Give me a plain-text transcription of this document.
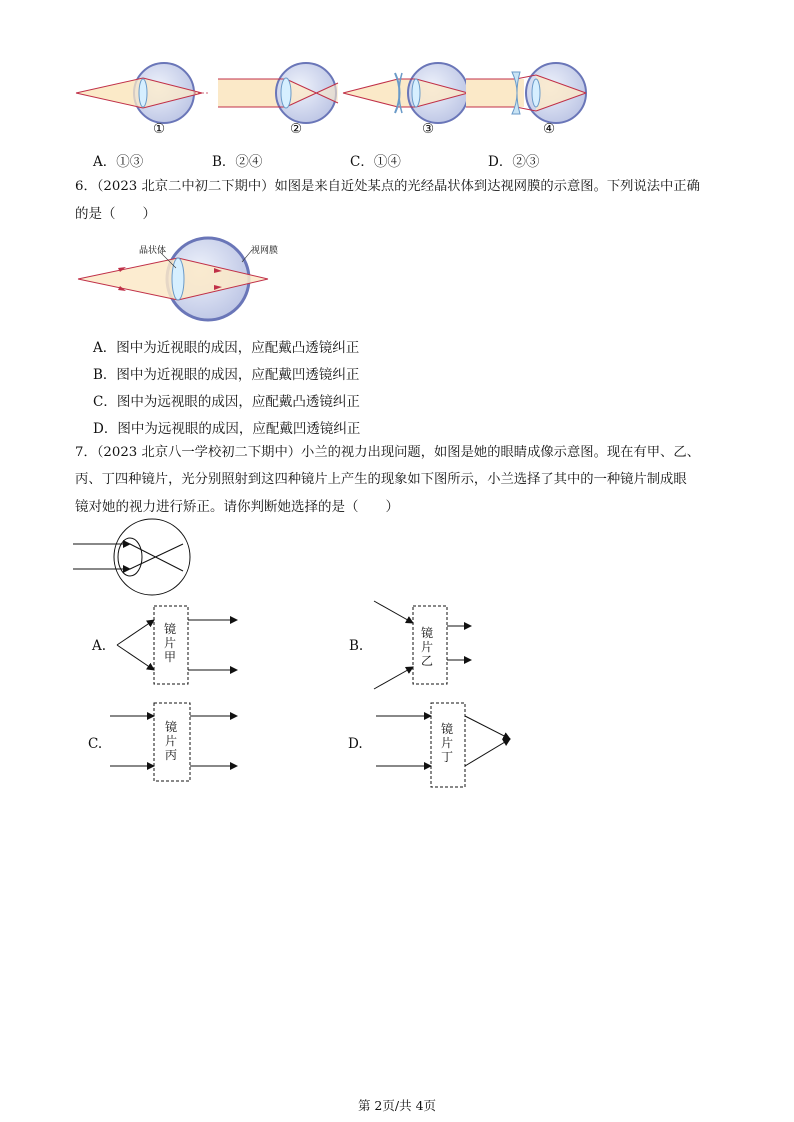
①	②	③	④
A．①③	B．②④	C．①④	D．②③
6．（2023 北京二中初二下期中）如图是来自近处某点的光经晶状体到达视网膜的示意图。下列说法中正确
的是（　　）
晶状体	视网膜
A．图中为近视眼的成因，应配戴凸透镜纠正
B．图中为近视眼的成因，应配戴凹透镜纠正
C．图中为远视眼的成因，应配戴凸透镜纠正
D．图中为远视眼的成因，应配戴凹透镜纠正
7．（2023 北京八一学校初二下期中）小兰的视力出现问题，如图是她的眼睛成像示意图。现在有甲、乙、
丙、丁四种镜片，光分别照射到这四种镜片上产生的现象如下图所示，小兰选择了其中的一种镜片制成眼
镜对她的视力进行矫正。请你判断她选择的是（　　）
A.
镜
片
甲
B.
镜
片
乙
C.
镜
片
丙
D.
镜
片
丁
第 2页/共 4页
